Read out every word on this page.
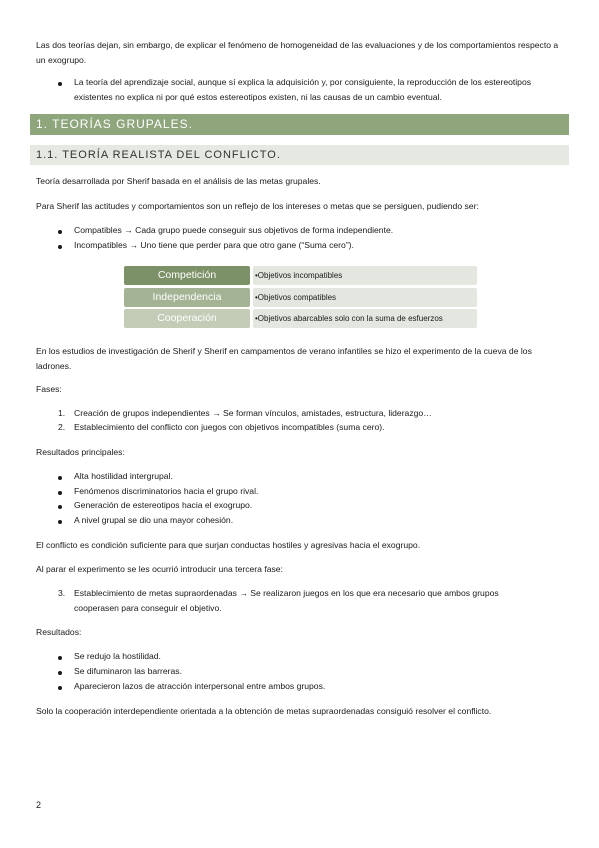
Las dos teorías dejan, sin embargo, de explicar el fenómeno de homogeneidad de las evaluaciones y de los comportamientos respecto a un exogrupo.

La teoría del aprendizaje social, aunque sí explica la adquisición y, por consiguiente, la reproducción de los estereotipos existentes no explica ni por qué estos estereotipos existen, ni las causas de un cambio eventual.

1. TEORÍAS GRUPALES.
1.1. TEORÍA REALISTA DEL CONFLICTO.

Teoría desarrollada por Sherif basada en el análisis de las metas grupales.

Para Sherif las actitudes y comportamientos son un reflejo de los intereses o metas que se persiguen, pudiendo ser:

Compatibles → Cada grupo puede conseguir sus objetivos de forma independiente.

Incompatibles → Uno tiene que perder para que otro gane (“Suma cero”).

Competición	•Objetivos incompatibles
Independencia	•Objetivos compatibles
Cooperación	•Objetivos abarcables solo con la suma de esfuerzos

En los estudios de investigación de Sherif y Sherif en campamentos de verano infantiles se hizo el experimento de la cueva de los ladrones.

Fases:

1. Creación de grupos independientes → Se forman vínculos, amistades, estructura, liderazgo…

2. Establecimiento del conflicto con juegos con objetivos incompatibles (suma cero).

Resultados principales:

Alta hostilidad intergrupal.

Fenómenos discriminatorios hacia el grupo rival.

Generación de estereotipos hacia el exogrupo.

A nivel grupal se dio una mayor cohesión.

El conflicto es condición suficiente para que surjan conductas hostiles y agresivas hacia el exogrupo.

Al parar el experimento se les ocurrió introducir una tercera fase:

3. Establecimiento de metas supraordenadas → Se realizaron juegos en los que era necesario que ambos grupos cooperasen para conseguir el objetivo.

Resultados:

Se redujo la hostilidad.

Se difuminaron las barreras.

Aparecieron lazos de atracción interpersonal entre ambos grupos.

Solo la cooperación interdependiente orientada a la obtención de metas supraordenadas consiguió resolver el conflicto.

2
